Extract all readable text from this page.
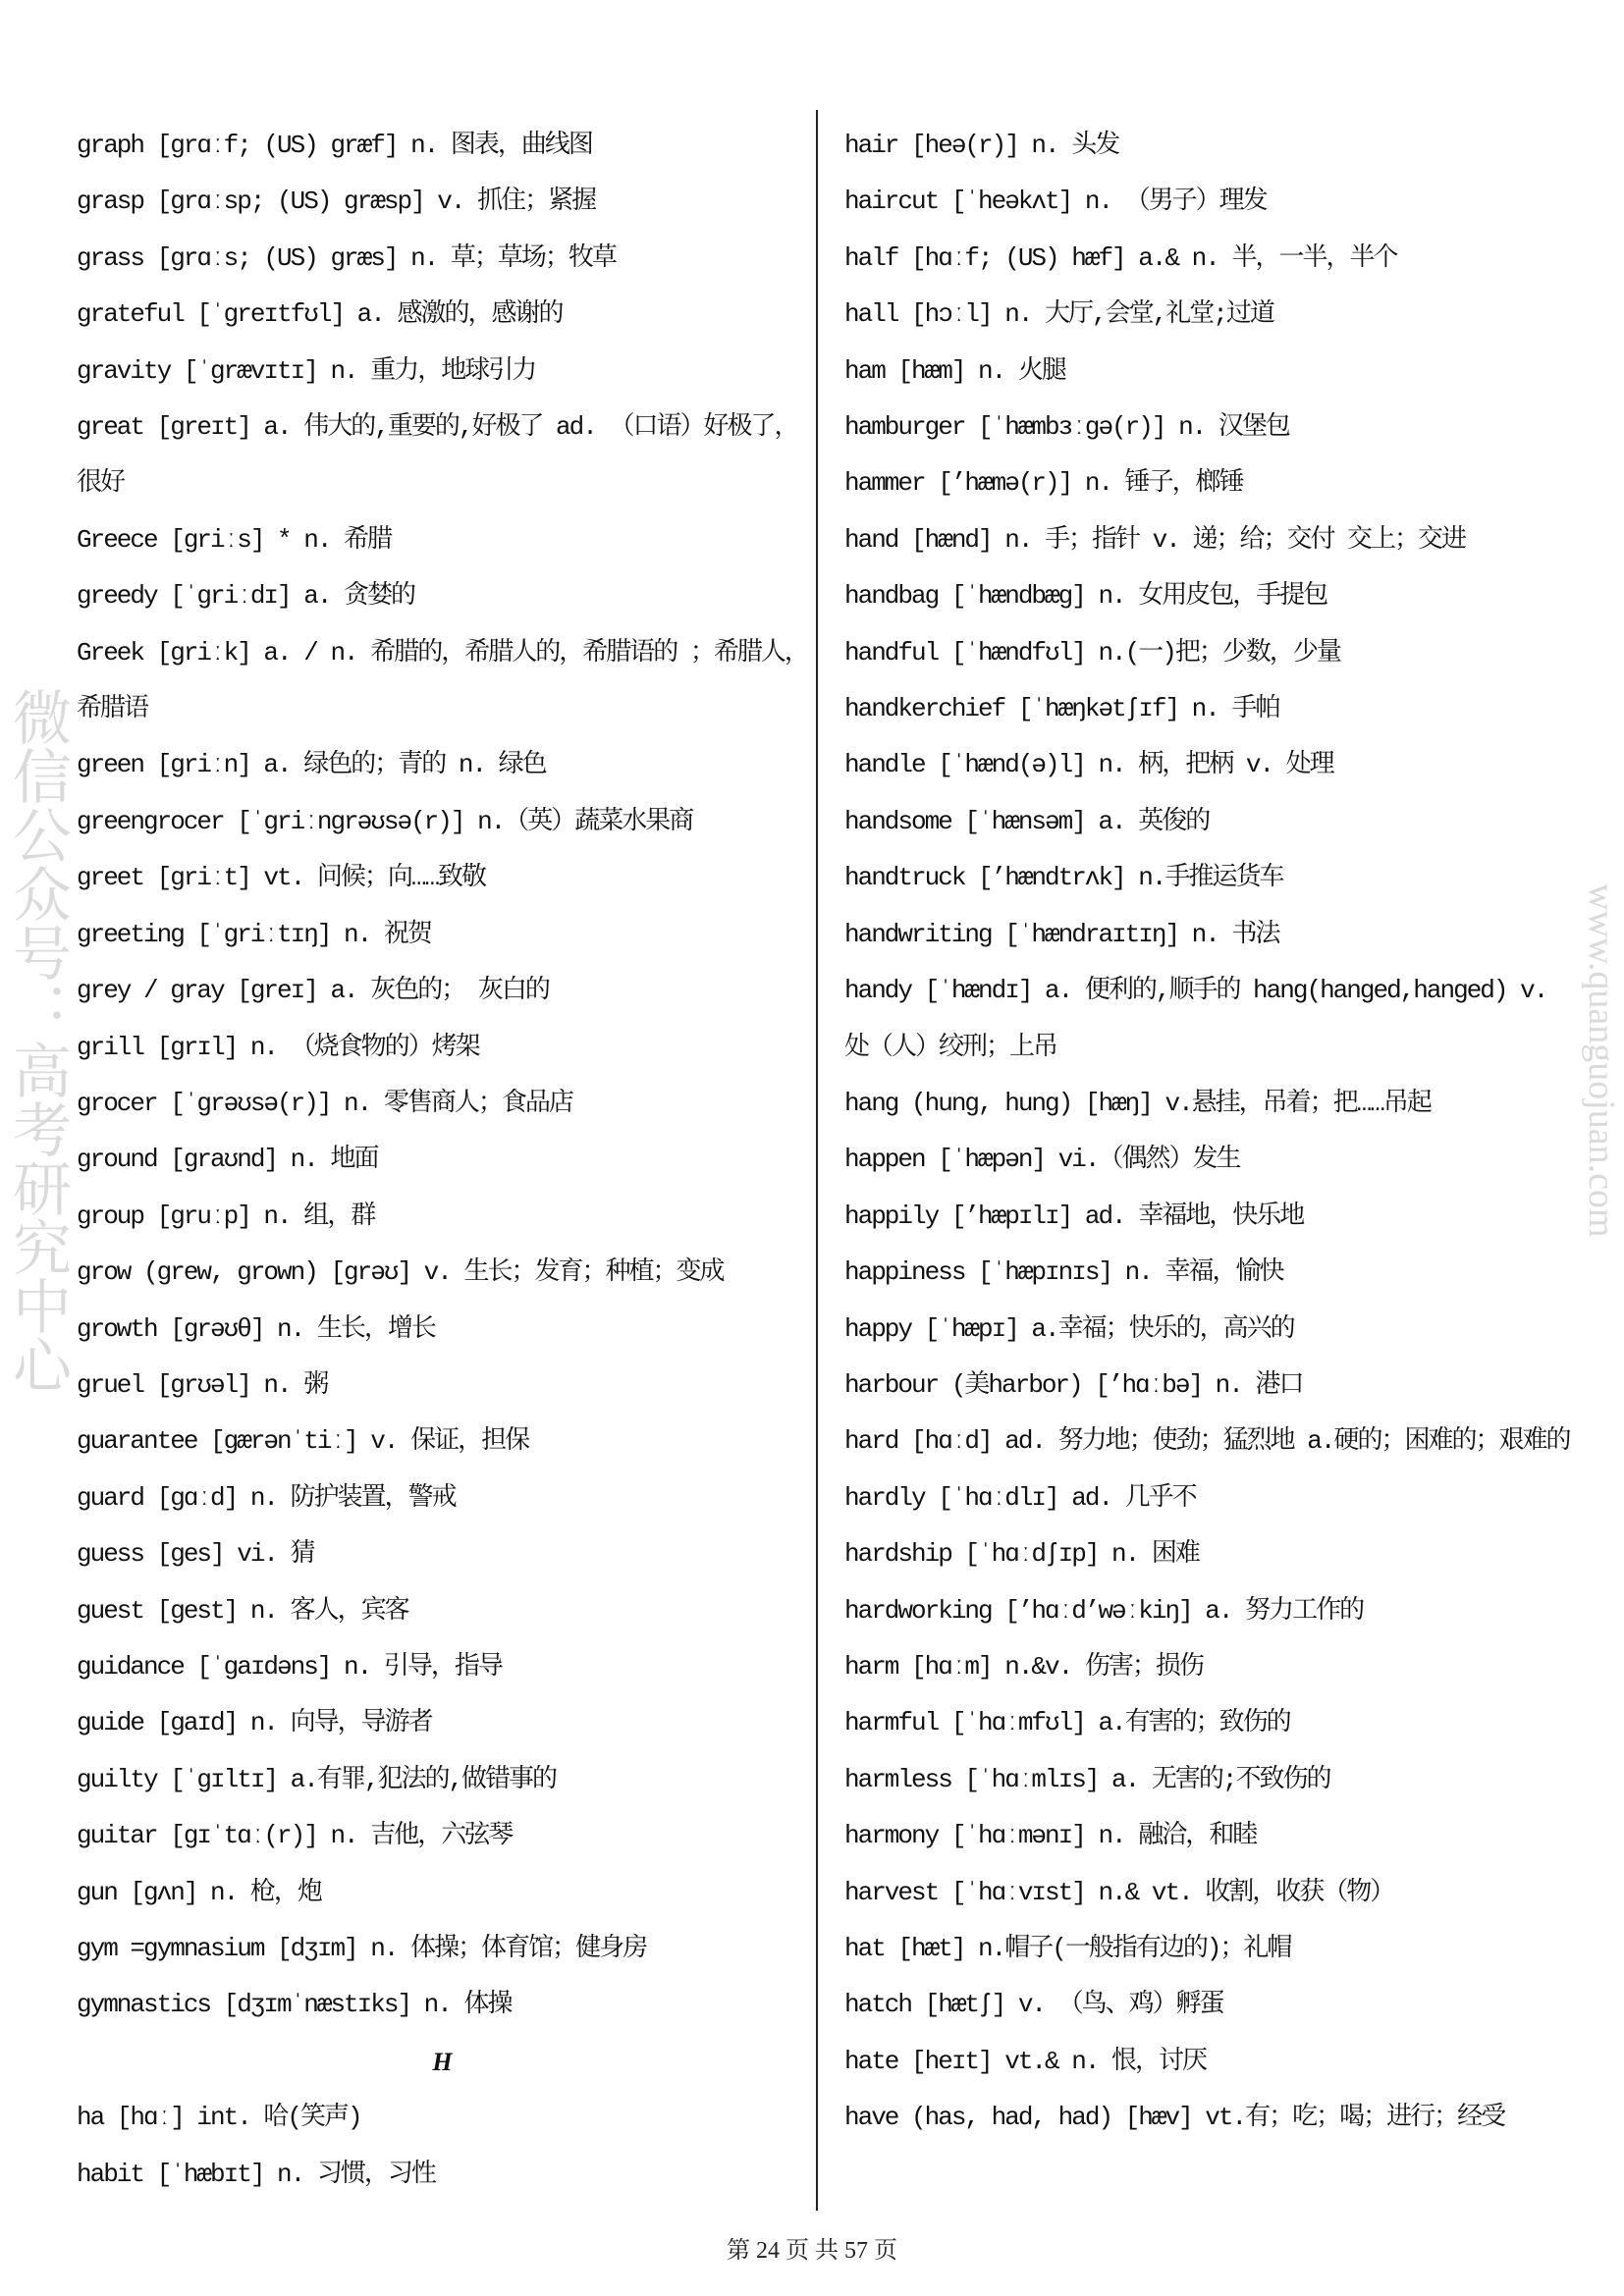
微信公众号：高考研究中心	www.quanguojuan.com
graph [grɑːf; (US) græf] n. 图表，曲线图
grasp [grɑːsp; (US) græsp] v. 抓住；紧握
grass [grɑːs; (US) græs] n. 草；草场；牧草
grateful [ˈgreɪtfʊl] a. 感激的，感谢的
gravity [ˈgrævɪtɪ] n. 重力，地球引力
great [greɪt] a. 伟大的,重要的,好极了 ad. （口语）好极了，很好
Greece [griːs] * n. 希腊
greedy [ˈgriːdɪ] a. 贪婪的
Greek [griːk] a. / n. 希腊的，希腊人的，希腊语的 ；希腊人，希腊语
green [griːn] a. 绿色的；青的 n. 绿色
greengrocer [ˈgriːngrəʊsə(r)] n.（英）蔬菜水果商
greet [griːt] vt. 问候；向……致敬
greeting [ˈgriːtɪŋ] n. 祝贺
grey / gray [greɪ] a. 灰色的； 灰白的
grill [grɪl] n. （烧食物的）烤架
grocer [ˈgrəʊsə(r)] n. 零售商人；食品店
ground [graʊnd] n. 地面
group [gruːp] n. 组，群
grow (grew, grown) [grəʊ] v. 生长；发育；种植；变成
growth [grəʊθ] n. 生长，增长
gruel [grʊəl] n. 粥
guarantee [gærənˈtiː] v. 保证，担保
guard [gɑːd] n. 防护装置，警戒
guess [ges] vi. 猜
guest [gest] n. 客人，宾客
guidance [ˈgaɪdəns] n. 引导，指导
guide [gaɪd] n. 向导，导游者
guilty [ˈgɪltɪ] a.有罪,犯法的,做错事的
guitar [gɪˈtɑː(r)] n. 吉他，六弦琴
gun [gʌn] n. 枪，炮
gym =gymnasium [dʒɪm] n. 体操；体育馆；健身房
gymnastics [dʒɪmˈnæstɪks] n. 体操
H
ha [hɑː] int. 哈(笑声)
habit [ˈhæbɪt] n. 习惯，习性
hair [heə(r)] n. 头发
haircut [ˈheəkʌt] n. （男子）理发
half [hɑːf; (US) hæf] a.& n. 半，一半，半个
hall [hɔːl] n. 大厅,会堂,礼堂;过道
ham [hæm] n. 火腿
hamburger [ˈhæmbɜːgə(r)] n. 汉堡包
hammer [’hæmə(r)] n. 锤子，榔锤
hand [hænd] n. 手；指针 v. 递；给；交付 交上；交进
handbag [ˈhændbæg] n. 女用皮包，手提包
handful [ˈhændfʊl] n.(一)把；少数，少量
handkerchief [ˈhæŋkətʃɪf] n. 手帕
handle [ˈhænd(ə)l] n. 柄，把柄 v. 处理
handsome [ˈhænsəm] a. 英俊的
handtruck [’hændtrʌk] n.手推运货车
handwriting [ˈhændraɪtɪŋ] n. 书法
handy [ˈhændɪ] a. 便利的,顺手的 hang(hanged,hanged) v. 处（人）绞刑；上吊
hang (hung, hung) [hæŋ] v.悬挂，吊着；把……吊起
happen [ˈhæpən] vi.（偶然）发生
happily [’hæpɪlɪ] ad. 幸福地，快乐地
happiness [ˈhæpɪnɪs] n. 幸福，愉快
happy [ˈhæpɪ] a.幸福；快乐的，高兴的
harbour (美harbor) [’hɑːbə] n. 港口
hard [hɑːd] ad. 努力地；使劲；猛烈地 a.硬的；困难的；艰难的
hardly [ˈhɑːdlɪ] ad. 几乎不
hardship [ˈhɑːdʃɪp] n. 困难
hardworking [’hɑːd’wəːkiŋ] a. 努力工作的
harm [hɑːm] n.&v. 伤害；损伤
harmful [ˈhɑːmfʊl] a.有害的；致伤的
harmless [ˈhɑːmlɪs] a. 无害的;不致伤的
harmony [ˈhɑːmənɪ] n. 融洽，和睦
harvest [ˈhɑːvɪst] n.& vt. 收割，收获（物）
hat [hæt] n.帽子(一般指有边的)；礼帽
hatch [hætʃ] v. （鸟、鸡）孵蛋
hate [heɪt] vt.& n. 恨，讨厌
have (has, had, had) [hæv] vt.有；吃；喝；进行；经受
第 24 页 共 57 页
